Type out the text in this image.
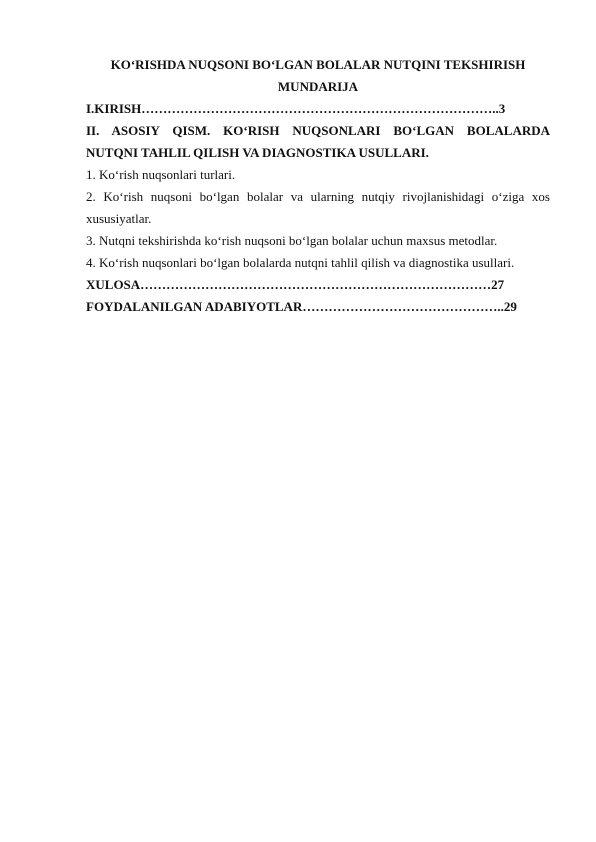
KO‘RISHDA NUQSONI BO‘LGAN BOLALAR NUTQINI TEKSHIRISH

MUNDARIJA

I.KIRISH………………………………………………………………………..3
II. ASOSIY QISM. KO‘RISH NUQSONLARI BO‘LGAN BOLALARDA
NUTQNI TAHLIL QILISH VA DIAGNOSTIKA USULLARI.
1. Ko‘rish nuqsonlari turlari.
2. Ko‘rish nuqsoni bo‘lgan bolalar va ularning nutqiy rivojlanishidagi o‘ziga xos
xususiyatlar.
3. Nutqni tekshirishda ko‘rish nuqsoni bo‘lgan bolalar uchun maxsus metodlar.
4. Ko‘rish nuqsonlari bo‘lgan bolalarda nutqni tahlil qilish va diagnostika usullari.
XULOSA………………………………………………………………………27
FOYDALANILGAN ADABIYOTLAR………………………………………..29
